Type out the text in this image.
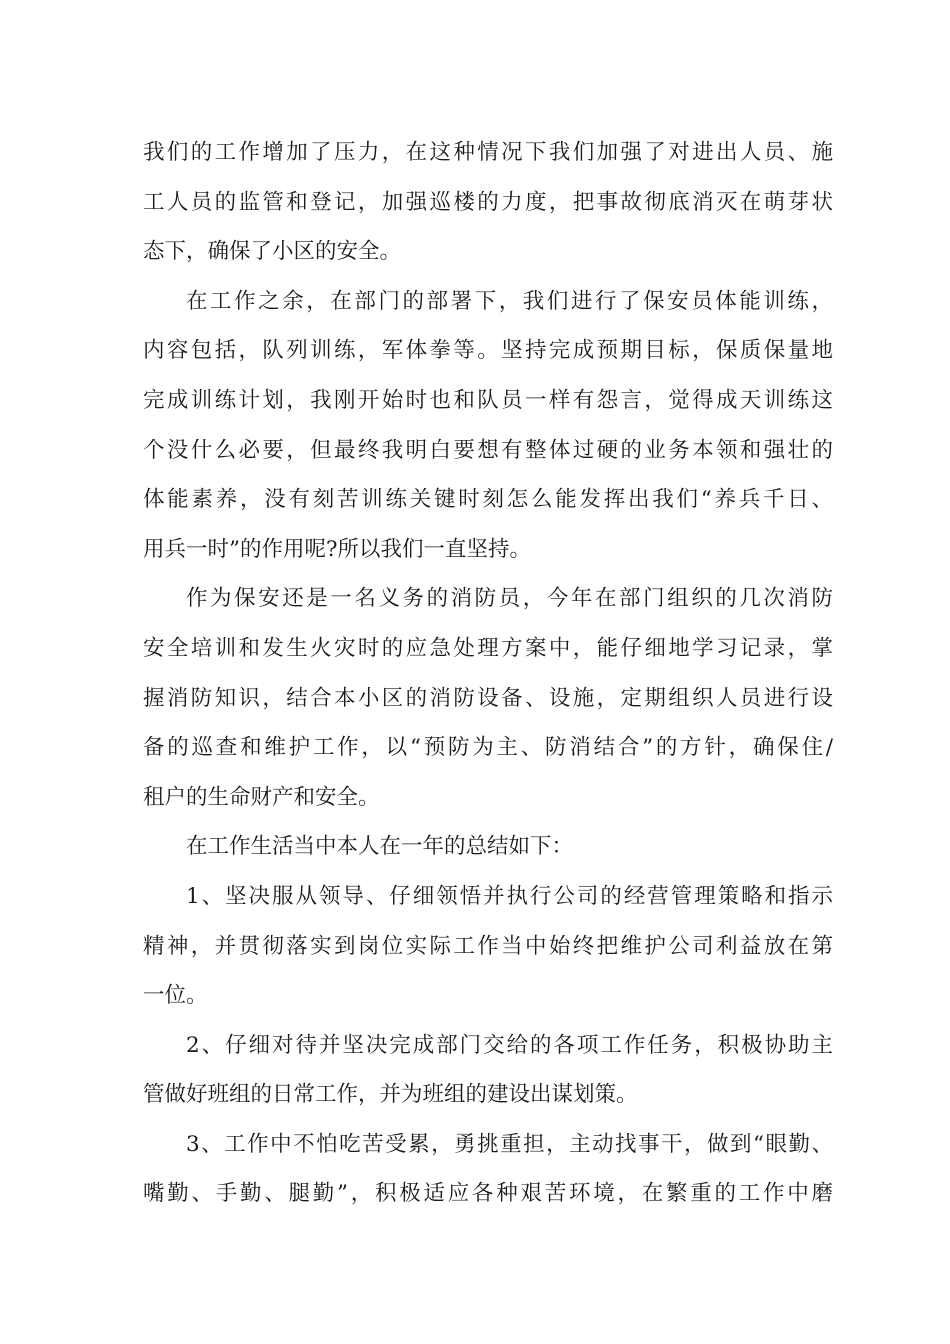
我们的工作增加了压力，在这种情况下我们加强了对进出人员、施
工人员的监管和登记，加强巡楼的力度，把事故彻底消灭在萌芽状
态下，确保了小区的安全。

在工作之余，在部门的部署下，我们进行了保安员体能训练，
内容包括，队列训练，军体拳等。坚持完成预期目标，保质保量地
完成训练计划，我刚开始时也和队员一样有怨言，觉得成天训练这
个没什么必要，但最终我明白要想有整体过硬的业务本领和强壮的
体能素养，没有刻苦训练关键时刻怎么能发挥出我们“养兵千日、
用兵一时”的作用呢?所以我们一直坚持。

作为保安还是一名义务的消防员，今年在部门组织的几次消防
安全培训和发生火灾时的应急处理方案中，能仔细地学习记录，掌
握消防知识，结合本小区的消防设备、设施，定期组织人员进行设
备的巡查和维护工作，以“预防为主、防消结合”的方针，确保住/
租户的生命财产和安全。

在工作生活当中本人在一年的总结如下：

1、坚决服从领导、仔细领悟并执行公司的经营管理策略和指示
精神，并贯彻落实到岗位实际工作当中始终把维护公司利益放在第
一位。

2、仔细对待并坚决完成部门交给的各项工作任务，积极协助主
管做好班组的日常工作，并为班组的建设出谋划策。

3、工作中不怕吃苦受累，勇挑重担，主动找事干，做到“眼勤、
嘴勤、手勤、腿勤”，积极适应各种艰苦环境，在繁重的工作中磨
